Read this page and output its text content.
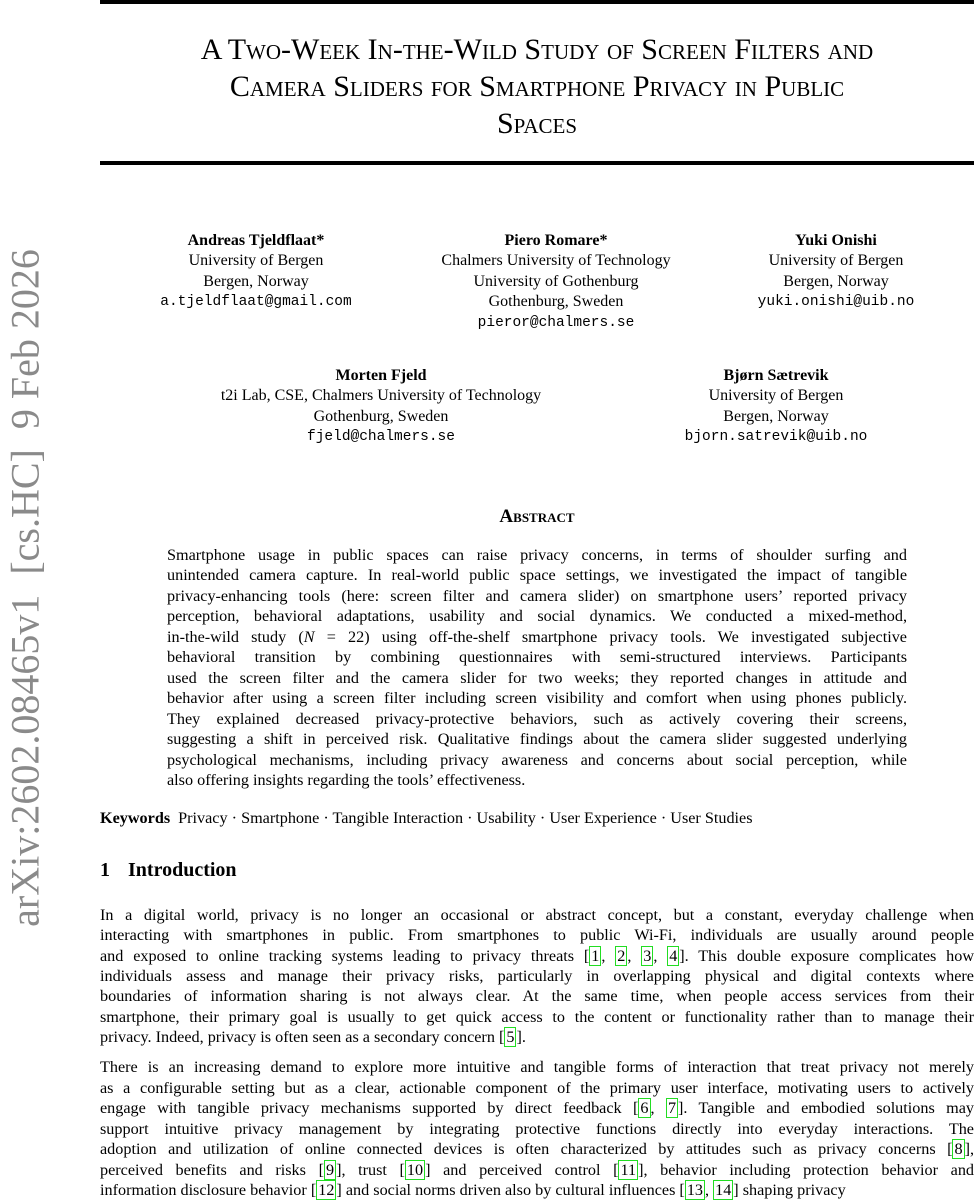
arXiv:2602.08465v1  [cs.HC]  9 Feb 2026
A Two-Week In-the-Wild Study of Screen Filters and
Camera Sliders for Smartphone Privacy in Public
Spaces
Andreas Tjeldflaat*
University of Bergen
Bergen, Norway
a.tjeldflaat@gmail.com
Piero Romare*
Chalmers University of Technology
University of Gothenburg
Gothenburg, Sweden
pieror@chalmers.se
Yuki Onishi
University of Bergen
Bergen, Norway
yuki.onishi@uib.no
Morten Fjeld
t2i Lab, CSE, Chalmers University of Technology
Gothenburg, Sweden
fjeld@chalmers.se
Bjørn Sætrevik
University of Bergen
Bergen, Norway
bjorn.satrevik@uib.no
Abstract
Smartphone usage in public spaces can raise privacy concerns, in terms of shoulder surfing and
unintended camera capture. In real-world public space settings, we investigated the impact of tangible
privacy-enhancing tools (here: screen filter and camera slider) on smartphone users’ reported privacy
perception, behavioral adaptations, usability and social dynamics. We conducted a mixed-method,
in-the-wild study (N = 22) using off-the-shelf smartphone privacy tools. We investigated subjective
behavioral transition by combining questionnaires with semi-structured interviews. Participants
used the screen filter and the camera slider for two weeks; they reported changes in attitude and
behavior after using a screen filter including screen visibility and comfort when using phones publicly.
They explained decreased privacy-protective behaviors, such as actively covering their screens,
suggesting a shift in perceived risk. Qualitative findings about the camera slider suggested underlying
psychological mechanisms, including privacy awareness and concerns about social perception, while
also offering insights regarding the tools’ effectiveness.
Keywords Privacy · Smartphone · Tangible Interaction · Usability · User Experience · User Studies
1 Introduction
In a digital world, privacy is no longer an occasional or abstract concept, but a constant, everyday challenge when
interacting with smartphones in public. From smartphones to public Wi-Fi, individuals are usually around people
and exposed to online tracking systems leading to privacy threats [ 1 , 2 , 3 , 4 ]. This double exposure complicates how
individuals assess and manage their privacy risks, particularly in overlapping physical and digital contexts where
boundaries of information sharing is not always clear. At the same time, when people access services from their
smartphone, their primary goal is usually to get quick access to the content or functionality rather than to manage their
privacy. Indeed, privacy is often seen as a secondary concern [ 5 ].
There is an increasing demand to explore more intuitive and tangible forms of interaction that treat privacy not merely
as a configurable setting but as a clear, actionable component of the primary user interface, motivating users to actively
engage with tangible privacy mechanisms supported by direct feedback [ 6 , 7 ]. Tangible and embodied solutions may
support intuitive privacy management by integrating protective functions directly into everyday interactions. The
adoption and utilization of online connected devices is often characterized by attitudes such as privacy concerns [ 8 ],
perceived benefits and risks [ 9 ], trust [ 10 ] and perceived control [ 11 ], behavior including protection behavior and
information disclosure behavior [ 12 ] and social norms driven also by cultural influences [ 13 , 14 ] shaping privacy
